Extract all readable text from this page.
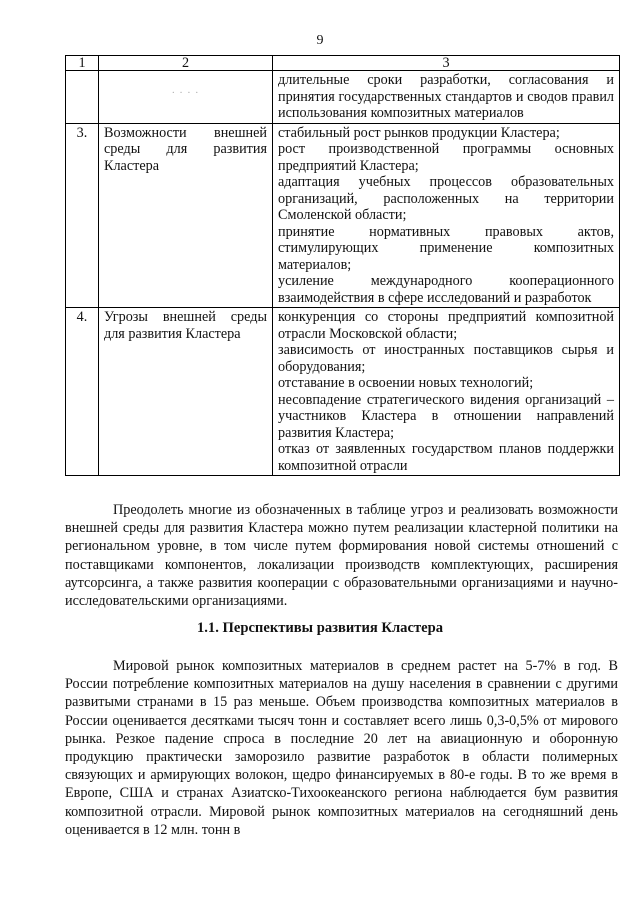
9
1	2	3

	· · · ·	длительные сроки разработки, согласования и принятия государственных стандартов и сводов правил использования композитных материалов
3.	Возможности внешней среды для развития Кластера	стабильный рост рынков продукции Кластера;
рост производственной программы основных предприятий Кластера;
адаптация учебных процессов образовательных организаций, расположенных на территории Смоленской области;
принятие нормативных правовых актов, стимулирующих применение композитных материалов;
усиление международного кооперационного взаимодействия в сфере исследований и разработок

4.	Угрозы внешней среды для развития Кластера	конкуренция со стороны предприятий композитной отрасли Московской области;
зависимость от иностранных поставщиков сырья и оборудования;
отставание в освоении новых технологий;
несовпадение стратегического видения организаций – участников Кластера в отношении направлений развития Кластера;
отказ от заявленных государством планов поддержки композитной отрасли

Преодолеть многие из обозначенных в таблице угроз и реализовать возможности внешней среды для развития Кластера можно путем реализации кластерной политики на региональном уровне, в том числе путем формирования новой системы отношений с поставщиками компонентов, локализации производств комплектующих, расширения аутсорсинга, а также развития кооперации с образовательными организациями и научно-исследовательскими организациями.

1.1. Перспективы развития Кластера

Мировой рынок композитных материалов в среднем растет на 5-7% в год. В России потребление композитных материалов на душу населения в сравнении с другими развитыми странами в 15 раз меньше. Объем производства композитных материалов в России оценивается десятками тысяч тонн и составляет всего лишь 0,3-0,5% от мирового рынка. Резкое падение спроса в последние 20 лет на авиационную и оборонную продукцию практически заморозило развитие разработок в области полимерных связующих и армирующих волокон, щедро финансируемых в 80-е годы. В то же время в Европе, США и странах Азиатско-Тихоокеанского региона наблюдается бум развития композитной отрасли. Мировой рынок композитных материалов на сегодняшний день оценивается в 12 млн. тонн в
